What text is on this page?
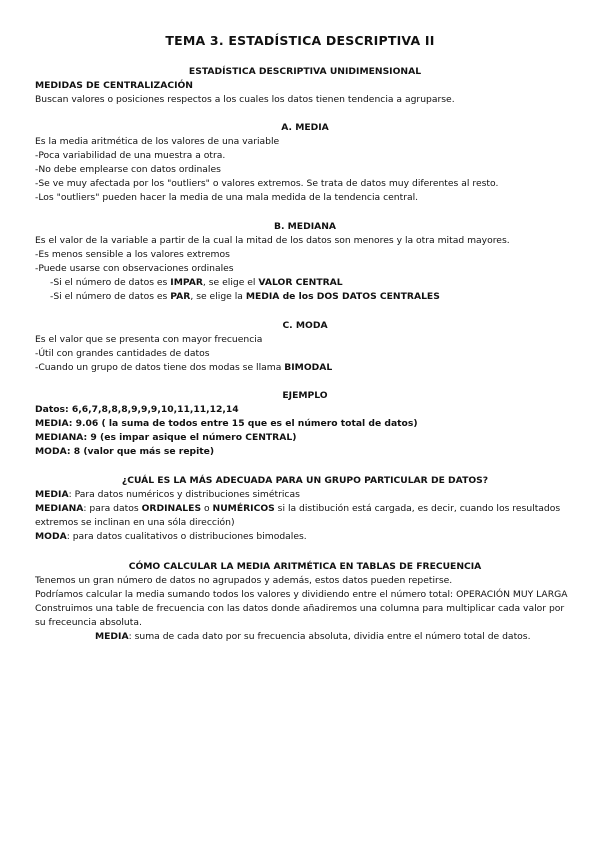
TEMA 3. ESTADÍSTICA DESCRIPTIVA II
ESTADÍSTICA DESCRIPTIVA UNIDIMENSIONAL
MEDIDAS DE CENTRALIZACIÓN
Buscan valores o posiciones respectos a los cuales los datos tienen tendencia a agruparse.
A. MEDIA
Es la media aritmética de los valores de una variable
-Poca variabilidad de una muestra a otra.
-No debe emplearse con datos ordinales
-Se ve muy afectada por los "outliers" o valores extremos. Se trata de datos muy diferentes al resto.
-Los "outliers" pueden hacer la media de una mala medida de la tendencia central.
B. MEDIANA
Es el valor de la variable a partir de la cual la mitad de los datos son menores y la otra mitad mayores.
-Es menos sensible a los valores extremos
-Puede usarse con observaciones ordinales
-Si el número de datos es IMPAR, se elige el VALOR CENTRAL
-Si el número de datos es PAR, se elige la MEDIA de los DOS DATOS CENTRALES
C. MODA
Es el valor que se presenta con mayor frecuencia
-Útil con grandes cantidades de datos
-Cuando un grupo de datos tiene dos modas se llama BIMODAL
EJEMPLO
Datos: 6,6,7,8,8,8,9,9,9,10,11,11,12,14
MEDIA: 9.06 ( la suma de todos entre 15 que es el número total de datos)
MEDIANA: 9 (es impar asique el número CENTRAL)
MODA: 8 (valor que más se repite)
¿CUÁL ES LA MÁS ADECUADA PARA UN GRUPO PARTICULAR DE DATOS?
MEDIA: Para datos numéricos y distribuciones simétricas
MEDIANA: para datos ORDINALES o NUMÉRICOS si la distibución está cargada, es decir, cuando los resultados extremos se inclinan en una sóla dirección)
MODA: para datos cualitativos o distribuciones bimodales.
CÓMO CALCULAR LA MEDIA ARITMÉTICA EN TABLAS DE FRECUENCIA
Tenemos un gran número de datos no agrupados y además, estos datos pueden repetirse.
Podríamos calcular la media sumando todos los valores y dividiendo entre el número total: OPERACIÓN MUY LARGA
Construimos una table de frecuencia con las datos donde añadiremos una columna para multiplicar cada valor por su freceuncia absoluta.
MEDIA: suma de cada dato por su frecuencia absoluta, dividia entre el número total de datos.
